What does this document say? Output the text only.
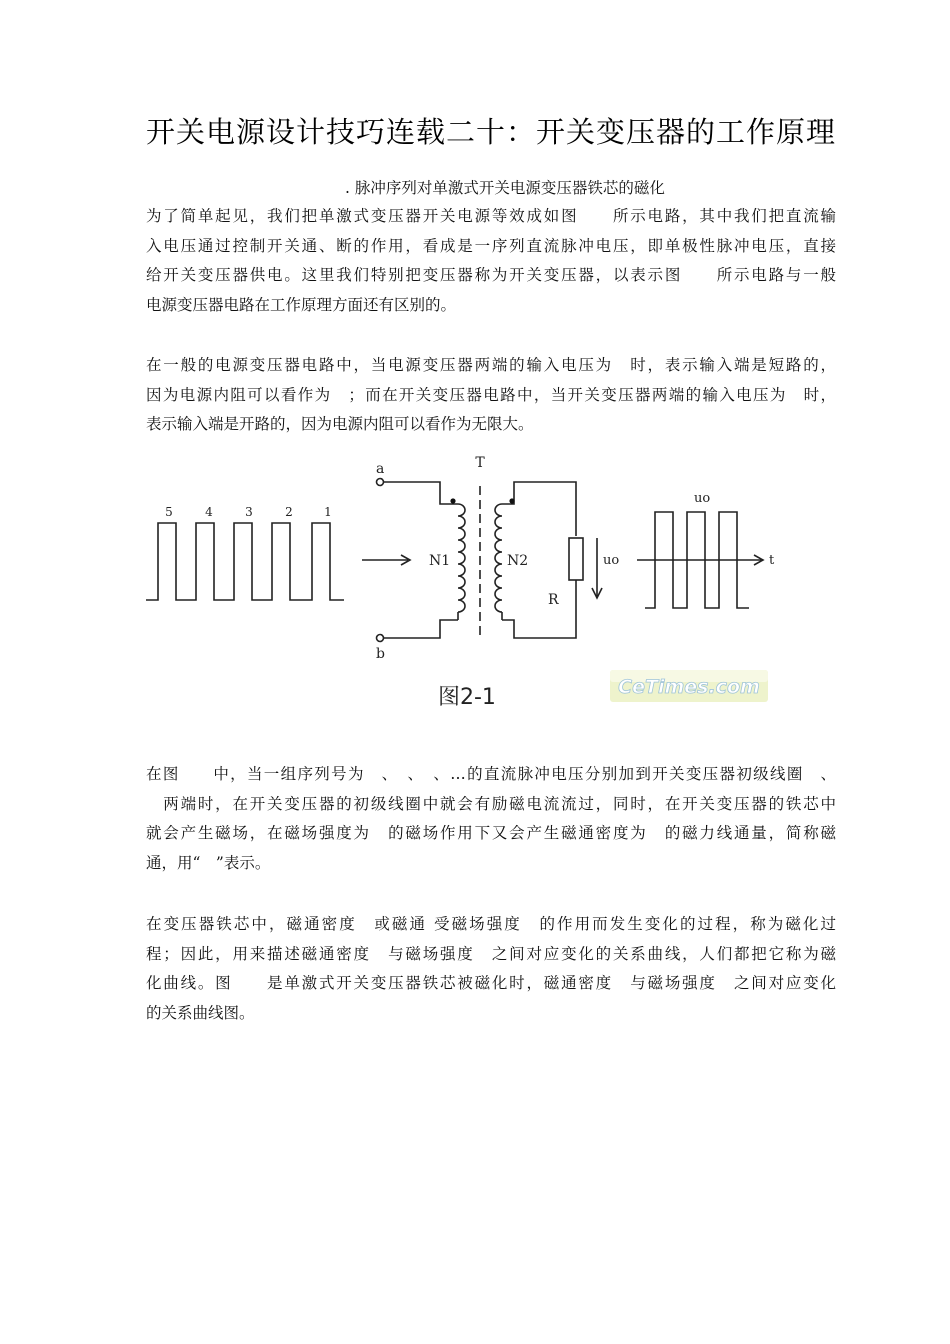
开关电源设计技巧连载二十：开关变压器的工作原理
. 脉冲序列对单激式开关电源变压器铁芯的磁化
为了简单起见，我们把单激式变压器开关电源等效成如图　　所示电路，其中我们把直流输
入电压通过控制开关通、断的作用，看成是一序列直流脉冲电压，即单极性脉冲电压，直接
给开关变压器供电。这里我们特别把变压器称为开关变压器，以表示图　　所示电路与一般
电源变压器电路在工作原理方面还有区别的。
在一般的电源变压器电路中，当电源变压器两端的输入电压为　时，表示输入端是短路的，
因为电源内阻可以看作为　；而在开关变压器电路中，当开关变压器两端的输入电压为　时，
表示输入端是开路的，因为电源内阻可以看作为无限大。
5	4	3	2	1
a
b
T
N1	N2	uo
R
uo
t
图2-1	CeTimes.com
在图　　中，当一组序列号为　、　、　、…的直流脉冲电压分别加到开关变压器初级线圈　、
　两端时，在开关变压器的初级线圈中就会有励磁电流流过，同时，在开关变压器的铁芯中
就会产生磁场，在磁场强度为　的磁场作用下又会产生磁通密度为　的磁力线通量，简称磁
通，用“　”表示。
在变压器铁芯中，磁通密度　或磁通 受磁场强度　的作用而发生变化的过程，称为磁化过
程；因此，用来描述磁通密度　与磁场强度　之间对应变化的关系曲线，人们都把它称为磁
化曲线。图　　是单激式开关变压器铁芯被磁化时，磁通密度　与磁场强度　之间对应变化
的关系曲线图。
